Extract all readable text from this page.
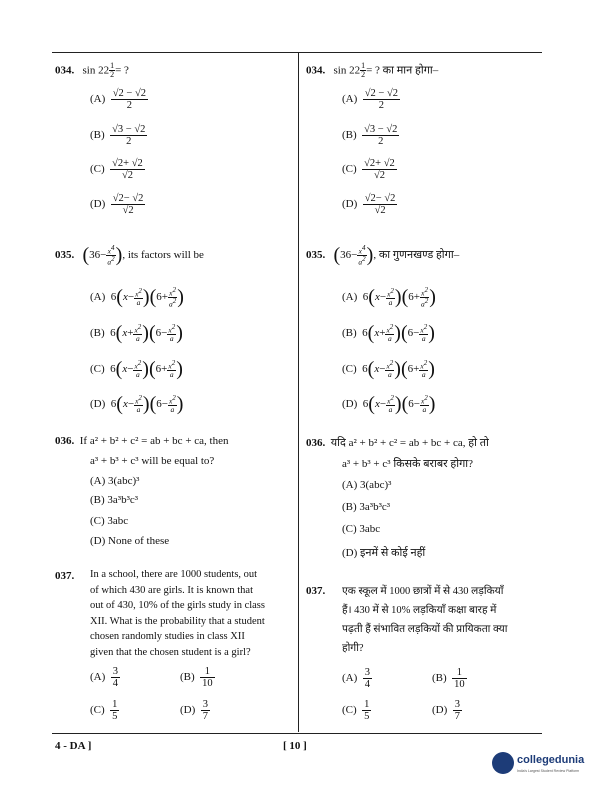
034. $\sin 22 \frac{1}{2}$ = ?
$(A) \frac{√2 - √2}{2}$
$(B) \frac{√3 - √2}{2}$
$(C) \frac{√2+ √2}{√2}$
$(D) \frac{√2- √2}{√2}$
035. ($36- \frac{x^4}{a^2}$ ), its factors will be
(A)  $6(x- \frac{x^2}{a} )(6+ \frac{x^2}{a^2}$ )
(B)  $6(x+ \frac{x^2}{a} )(6- \frac{x^2}{a}$ )
(C)  $6(x- \frac{x^2}{a} )(6+ \frac{x^2}{a}$ )
(D)  $6(x- \frac{x^2}{a} )(6- \frac{x^2}{a}$ )
036. If a² + b² + c² = ab + bc + ca, then
a³ + b³ + c³ will be equal to?
(A) 3(abc)³
(B) 3a³b³c³
(C) 3abc
(D) None of these
037. In a school, there are 1000 students, out
of which 430 are girls. It is known that
out of 430, 10% of the girls study in class
XII. What is the probability that a student
chosen randomly studies in class XII
given that the chosen student is a girl?
$(A) \frac{3}{4}$	$(B) \frac{1}{10}$
$(C) \frac{1}{5}$	$(D) \frac{3}{7}$
034. $\sin 22 \frac{1}{2}$ = ? का मान होगा–
$(A) \frac{√2 - √2}{2}$
$(B) \frac{√3 - √2}{2}$
$(C) \frac{√2+ √2}{√2}$
$(D) \frac{√2- √2}{√2}$
035. ($36- \frac{x^4}{a^2}$ ), का गुणनखण्ड होगा–
(A)  $6(x- \frac{x^2}{a} )(6+ \frac{x^2}{a^2}$ )
(B)  $6(x+ \frac{x^2}{a} )(6- \frac{x^2}{a}$ )
(C)  $6(x- \frac{x^2}{a} )(6+ \frac{x^2}{a}$ )
(D)  $6(x- \frac{x^2}{a} )(6- \frac{x^2}{a}$ )
036. यदि a² + b² + c² = ab + bc + ca, हो तो
a³ + b³ + c³ किसके बराबर होगा?
(A) 3(abc)³
(B) 3a³b³c³
(C) 3abc
(D) इनमें से कोई नहीं
037. एक स्कूल में 1000 छात्रों में से 430 लड़कियाँ
हैं। 430 में से 10% लड़कियाँ कक्षा बारह में
पढ़ती हैं संभावित लड़कियों की प्रायिकता क्या
होगी?
$(A) \frac{3}{4}$	$(B) \frac{1}{10}$
$(C) \frac{1}{5}$	$(D) \frac{3}{7}$
4 - DA ]	[ 10 ]
collegedunia
India's Largest Student Review Platform
